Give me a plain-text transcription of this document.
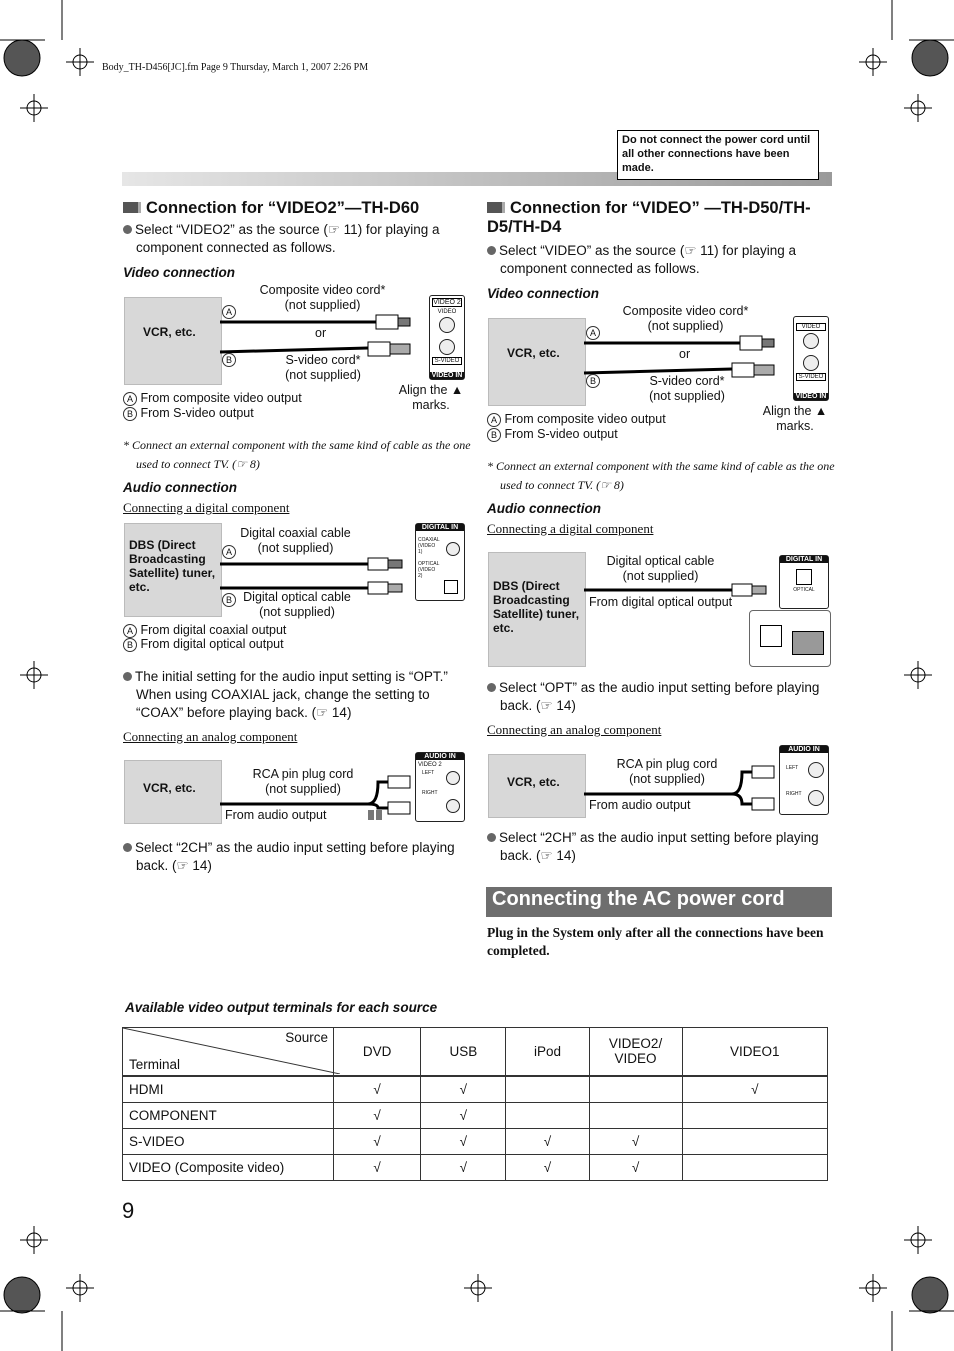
Body_TH-D456[JC].fm Page 9 Thursday, March 1, 2007 2:26 PM
Do not connect the power cord until all other connections have been made.
Connection for “VIDEO2”—TH-D60
Select “VIDEO2” as the source (☞ 11) for playing a component connected as follows.
Video connection
VCR, etc.
Composite video cord* (not supplied)
or
S-video cord* (not supplied)
A
B
VIDEO 2
VIDEO
S-VIDEO
VIDEO IN
Align the ▲ marks.
A From composite video output
B From S-video output
* Connect an external component with the same kind of cable as the one used to connect TV. (☞ 8)
Audio connection
Connecting a digital component
DBS (Direct Broadcasting Satellite) tuner, etc.
Digital coaxial cable (not supplied)
Digital optical cable (not supplied)
A
B
DIGITAL IN
COAXIAL (VIDEO 1)
OPTICAL (VIDEO 2)
A From digital coaxial output
B From digital optical output
The initial setting for the audio input setting is “OPT.” When using COAXIAL jack, change the setting to “COAX” before playing back. (☞ 14)
Connecting an analog component
VCR, etc.
RCA pin plug cord (not supplied)
From audio output
AUDIO IN
VIDEO 2
LEFT
RIGHT
Select “2CH” as the audio input setting before playing back. (☞ 14)
Connection for “VIDEO” —TH-D50/TH-D5/TH-D4
Select “VIDEO” as the source (☞ 11) for playing a component connected as follows.
Video connection
VCR, etc.
Composite video cord* (not supplied)
or
S-video cord* (not supplied)
A
B
VIDEO
S-VIDEO
VIDEO IN
Align the ▲ marks.
A From composite video output
B From S-video output
* Connect an external component with the same kind of cable as the one used to connect TV. (☞ 8)
Audio connection
Connecting a digital component
DBS (Direct Broadcasting Satellite) tuner, etc.
Digital optical cable (not supplied)
From digital optical output
DIGITAL IN
OPTICAL
Select “OPT” as the audio input setting before playing back. (☞ 14)
Connecting an analog component
VCR, etc.
RCA pin plug cord (not supplied)
From audio output
AUDIO IN
LEFT
RIGHT
Select “2CH” as the audio input setting before playing back. (☞ 14)
Connecting the AC power cord
Plug in the System only after all the connections have been completed.
Available video output terminals for each source
Source
Terminal	DVD	USB	iPod	VIDEO2/ VIDEO	VIDEO1
HDMI	√	√			√
COMPONENT	√	√			
S-VIDEO	√	√	√	√	
VIDEO (Composite video)	√	√	√	√	
9
